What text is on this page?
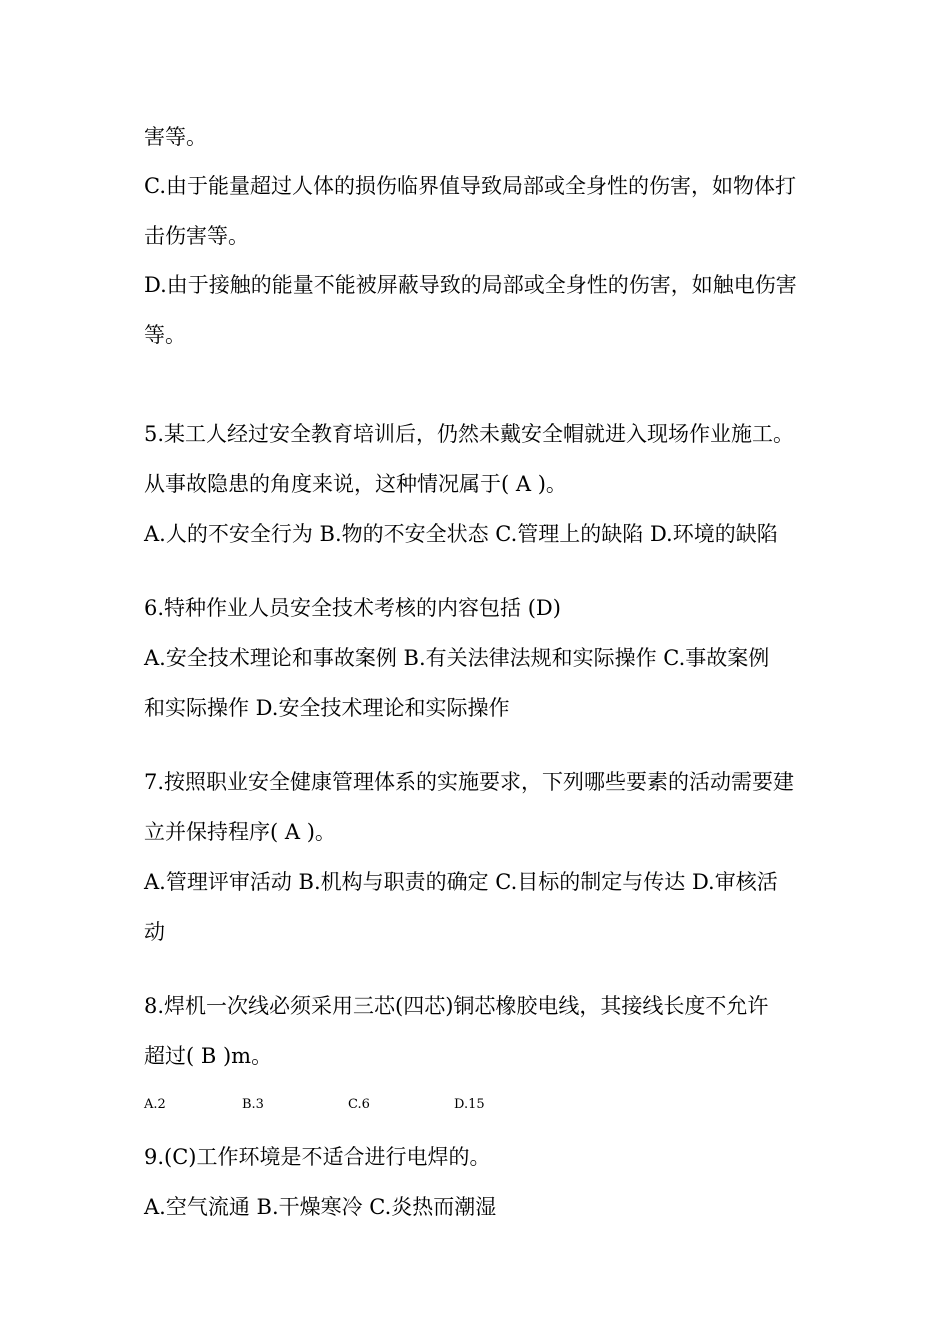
害等。
C.由于能量超过人体的损伤临界值导致局部或全身性的伤害，如物体打
击伤害等。
D.由于接触的能量不能被屏蔽导致的局部或全身性的伤害，如触电伤害
等。
5.某工人经过安全教育培训后，仍然未戴安全帽就进入现场作业施工。
从事故隐患的角度来说，这种情况属于( A )。
A.人的不安全行为 B.物的不安全状态 C.管理上的缺陷 D.环境的缺陷
6.特种作业人员安全技术考核的内容包括 (D)
A.安全技术理论和事故案例 B.有关法律法规和实际操作 C.事故案例
和实际操作 D.安全技术理论和实际操作
7.按照职业安全健康管理体系的实施要求，下列哪些要素的活动需要建
立并保持程序( A )。
A.管理评审活动 B.机构与职责的确定 C.目标的制定与传达 D.审核活
动
8.焊机一次线必须采用三芯(四芯)铜芯橡胶电线，其接线长度不允许
超过( B )m。
A.2	B.3	C.6	D.15
9.(C)工作环境是不适合进行电焊的。
A.空气流通 B.干燥寒冷 C.炎热而潮湿
